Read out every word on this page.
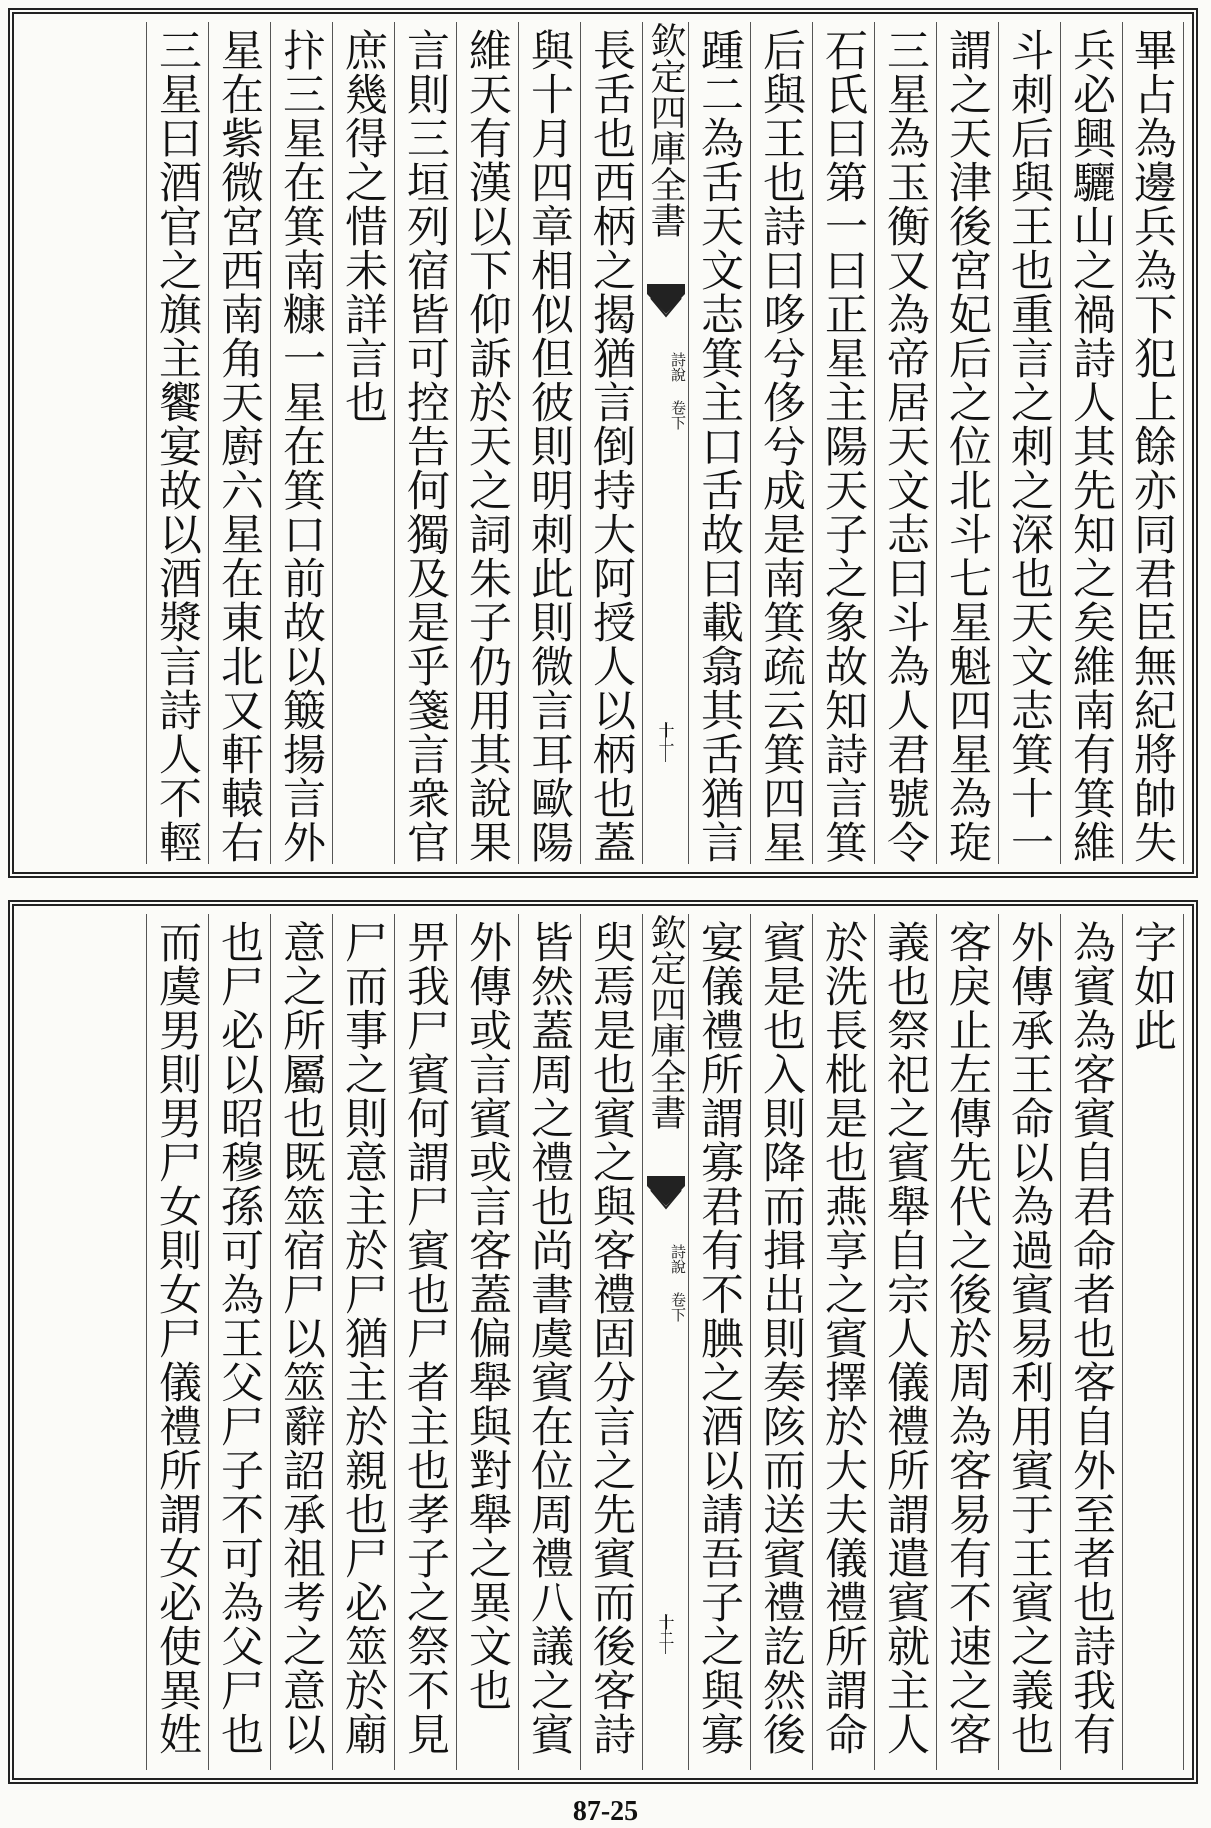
畢占為邊兵為下犯上餘亦同君臣無紀將帥失
兵必興驪山之禍詩人其先知之矣維南有箕維
斗刺后與王也重言之刺之深也天文志箕十一
謂之天津後宮妃后之位北斗七星魁四星為琁
三星為玉衡又為帝居天文志曰斗為人君號令
石氏曰第一曰正星主陽天子之象故知詩言箕
后與王也詩曰哆兮侈兮成是南箕疏云箕四星
踵二為舌天文志箕主口舌故曰載翕其舌猶言
欽定四庫全書
詩說 卷下
十一
長舌也西柄之揭猶言倒持大阿授人以柄也蓋
與十月四章相似但彼則明刺此則微言耳歐陽
維天有漢以下仰訴於天之詞朱子仍用其說果
言則三垣列宿皆可控告何獨及是乎箋言衆官
庶幾得之惜未詳言也
抃三星在箕南糠一星在箕口前故以簸揚言外
星在紫微宮西南角天廚六星在東北又軒轅右
三星曰酒官之旗主饗宴故以酒漿言詩人不輕
字如此
為賓為客賓自君命者也客自外至者也詩我有
外傳承王命以為過賓易利用賓于王賓之義也
客戾止左傳先代之後於周為客易有不速之客
義也祭祀之賓舉自宗人儀禮所謂遣賓就主人
於洗長枇是也燕享之賓擇於大夫儀禮所謂命
賓是也入則降而揖出則奏陔而送賓禮訖然後
宴儀禮所謂寡君有不腆之酒以請吾子之與寡
欽定四庫全書
詩說 卷下
十二
臾焉是也賓之與客禮固分言之先賓而後客詩
皆然蓋周之禮也尚書虞賓在位周禮八議之賓
外傳或言賓或言客蓋偏舉與對舉之異文也
畀我尸賓何謂尸賓也尸者主也孝子之祭不見
尸而事之則意主於尸猶主於親也尸必筮於廟
意之所屬也既筮宿尸以筮辭詔承祖考之意以
也尸必以昭穆孫可為王父尸子不可為父尸也
而虞男則男尸女則女尸儀禮所謂女必使異姓
87-25
